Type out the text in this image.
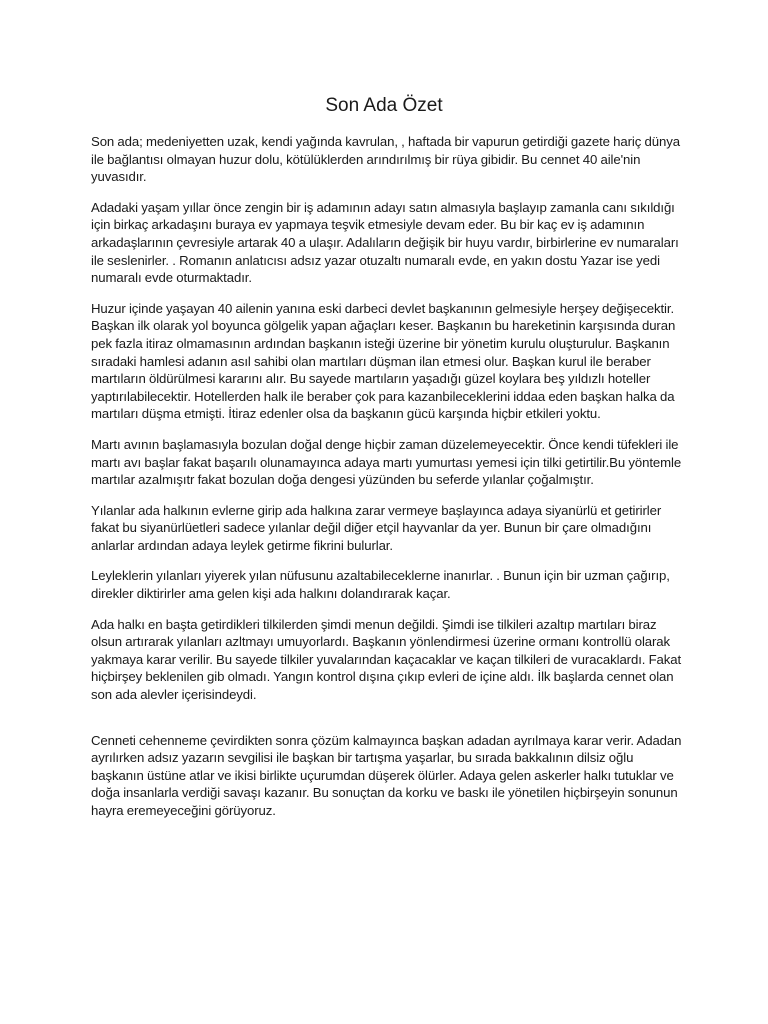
Son Ada Özet

Son ada; medeniyetten uzak, kendi yağında kavrulan, , haftada bir vapurun getirdiği gazete hariç dünya ile bağlantısı olmayan huzur dolu, kötülüklerden arındırılmış bir rüya gibidir. Bu cennet 40 aile'nin yuvasıdır.

Adadaki yaşam yıllar önce zengin bir iş adamının adayı satın almasıyla başlayıp zamanla canı sıkıldığı için birkaç arkadaşını buraya ev yapmaya teşvik etmesiyle devam eder. Bu bir kaç ev iş adamının arkadaşlarının çevresiyle artarak 40 a ulaşır. Adalıların değişik bir huyu vardır, birbirlerine ev numaraları ile seslenirler. . Romanın anlatıcısı adsız yazar otuzaltı numaralı evde, en yakın dostu Yazar ise yedi numaralı evde oturmaktadır.

Huzur içinde yaşayan 40 ailenin yanına eski darbeci devlet başkanının gelmesiyle herşey değişecektir. Başkan ilk olarak yol boyunca gölgelik yapan ağaçları keser. Başkanın bu hareketinin karşısında duran pek fazla itiraz olmamasının ardından başkanın isteği üzerine bir yönetim kurulu oluşturulur. Başkanın sıradaki hamlesi adanın asıl sahibi olan martıları düşman ilan etmesi olur. Başkan kurul ile beraber martıların öldürülmesi kararını alır. Bu sayede martıların yaşadığı güzel koylara beş yıldızlı hoteller yaptırılabilecektir. Hotellerden halk ile beraber çok para kazanbileceklerini iddaa eden başkan halka da martıları düşma etmişti. İtiraz edenler olsa da başkanın gücü karşında hiçbir etkileri yoktu.

Martı avının başlamasıyla bozulan doğal denge hiçbir zaman düzelemeyecektir. Önce kendi tüfekleri ile martı avı başlar fakat başarılı olunamayınca adaya martı yumurtası yemesi için tilki getirtilir.Bu yöntemle martılar azalmışıtr fakat bozulan doğa dengesi yüzünden bu seferde yılanlar çoğalmıştır.

Yılanlar ada halkının evlerne girip ada halkına zarar vermeye başlayınca adaya siyanürlü et getirirler fakat bu siyanürlüetleri sadece yılanlar değil diğer etçil hayvanlar da yer. Bunun bir çare olmadığını anlarlar ardından adaya leylek getirme fikrini bulurlar.

Leyleklerin yılanları yiyerek yılan nüfusunu azaltabileceklerne inanırlar. . Bunun için bir uzman çağırıp, direkler diktirirler ama gelen kişi ada halkını dolandırarak kaçar.

Ada halkı en başta getirdikleri tilkilerden şimdi menun değildi. Şimdi ise tilkileri azaltıp martıları biraz olsun artırarak yılanları azltmayı umuyorlardı. Başkanın yönlendirmesi üzerine ormanı kontrollü olarak yakmaya karar verilir. Bu sayede tilkiler yuvalarından kaçacaklar ve kaçan tilkileri de vuracaklardı. Fakat hiçbirşey beklenilen gib olmadı. Yangın kontrol dışına çıkıp evleri de içine aldı. İlk başlarda cennet olan son ada alevler içerisindeydi.

Cenneti cehenneme çevirdikten sonra çözüm kalmayınca başkan adadan ayrılmaya karar verir. Adadan ayrılırken adsız yazarın sevgilisi ile başkan bir tartışma yaşarlar, bu sırada bakkalının dilsiz oğlu başkanın üstüne atlar ve ikisi birlikte uçurumdan düşerek ölürler. Adaya gelen askerler halkı tutuklar ve doğa insanlarla verdiği savaşı kazanır. Bu sonuçtan da korku ve baskı ile yönetilen hiçbirşeyin sonunun hayra eremeyeceğini görüyoruz.
